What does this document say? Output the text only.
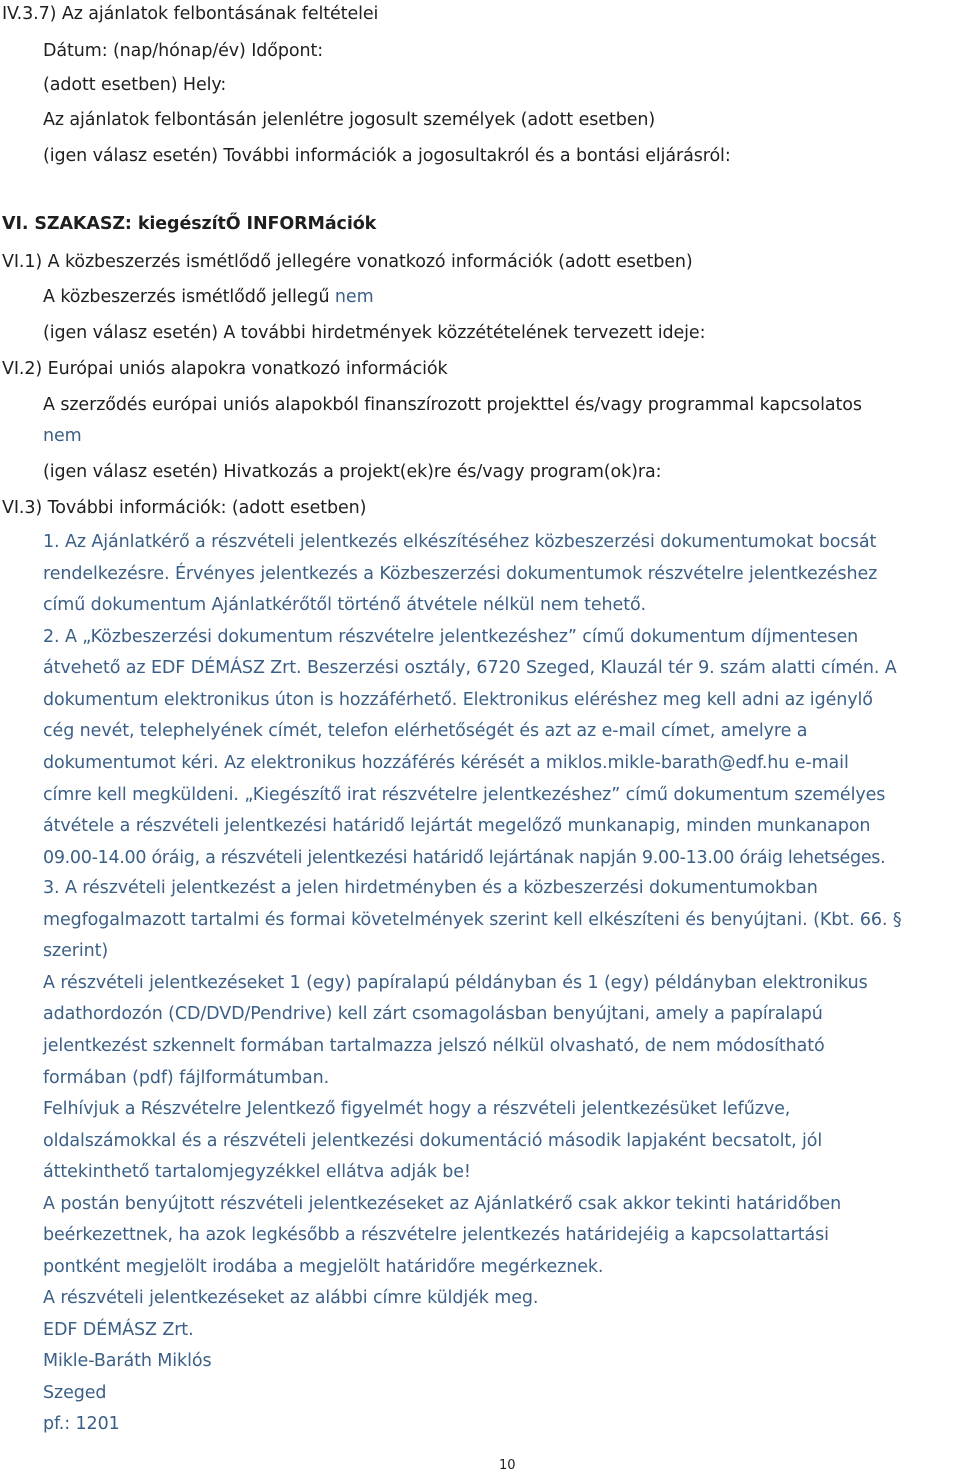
IV.3.7) Az ajánlatok felbontásának feltételei
Dátum: (nap/hónap/év) Időpont:
(adott esetben) Hely:
Az ajánlatok felbontásán jelenlétre jogosult személyek (adott esetben)
(igen válasz esetén) További információk a jogosultakról és a bontási eljárásról:
VI. SZAKASZ: kiegészítŐ INFORMációk
VI.1) A közbeszerzés ismétlődő jellegére vonatkozó információk (adott esetben)
A közbeszerzés ismétlődő jellegű nem
(igen válasz esetén) A további hirdetmények közzétételének tervezett ideje:
VI.2) Európai uniós alapokra vonatkozó információk
A szerződés európai uniós alapokból finanszírozott projekttel és/vagy programmal kapcsolatos
nem
(igen válasz esetén) Hivatkozás a projekt(ek)re és/vagy program(ok)ra:
VI.3) További információk: (adott esetben)
1. Az Ajánlatkérő a részvételi jelentkezés elkészítéséhez közbeszerzési dokumentumokat bocsát
rendelkezésre. Érvényes jelentkezés a Közbeszerzési dokumentumok részvételre jelentkezéshez
című dokumentum Ajánlatkérőtől történő átvétele nélkül nem tehető.
2. A „Közbeszerzési dokumentum részvételre jelentkezéshez” című dokumentum díjmentesen
átvehető az EDF DÉMÁSZ Zrt. Beszerzési osztály, 6720 Szeged, Klauzál tér 9. szám alatti címén. A
dokumentum elektronikus úton is hozzáférhető. Elektronikus eléréshez meg kell adni az igénylő
cég nevét, telephelyének címét, telefon elérhetőségét és azt az e-mail címet, amelyre a
dokumentumot kéri. Az elektronikus hozzáférés kérését a miklos.mikle-barath@edf.hu e-mail
címre kell megküldeni. „Kiegészítő irat részvételre jelentkezéshez” című dokumentum személyes
átvétele a részvételi jelentkezési határidő lejártát megelőző munkanapig, minden munkanapon
09.00-14.00 óráig, a részvételi jelentkezési határidő lejártának napján 9.00-13.00 óráig lehetséges.
3. A részvételi jelentkezést a jelen hirdetményben és a közbeszerzési dokumentumokban
megfogalmazott tartalmi és formai követelmények szerint kell elkészíteni és benyújtani. (Kbt. 66. §
szerint)
A részvételi jelentkezéseket 1 (egy) papíralapú példányban és 1 (egy) példányban elektronikus
adathordozón (CD/DVD/Pendrive) kell zárt csomagolásban benyújtani, amely a papíralapú
jelentkezést szkennelt formában tartalmazza jelszó nélkül olvasható, de nem módosítható
formában (pdf) fájlformátumban.
Felhívjuk a Részvételre Jelentkező figyelmét hogy a részvételi jelentkezésüket lefűzve,
oldalszámokkal és a részvételi jelentkezési dokumentáció második lapjaként becsatolt, jól
áttekinthető tartalomjegyzékkel ellátva adják be!
A postán benyújtott részvételi jelentkezéseket az Ajánlatkérő csak akkor tekinti határidőben
beérkezettnek, ha azok legkésőbb a részvételre jelentkezés határidejéig a kapcsolattartási
pontként megjelölt irodába a megjelölt határidőre megérkeznek.
A részvételi jelentkezéseket az alábbi címre küldjék meg.
EDF DÉMÁSZ Zrt.
Mikle-Baráth Miklós
Szeged
pf.: 1201
10
